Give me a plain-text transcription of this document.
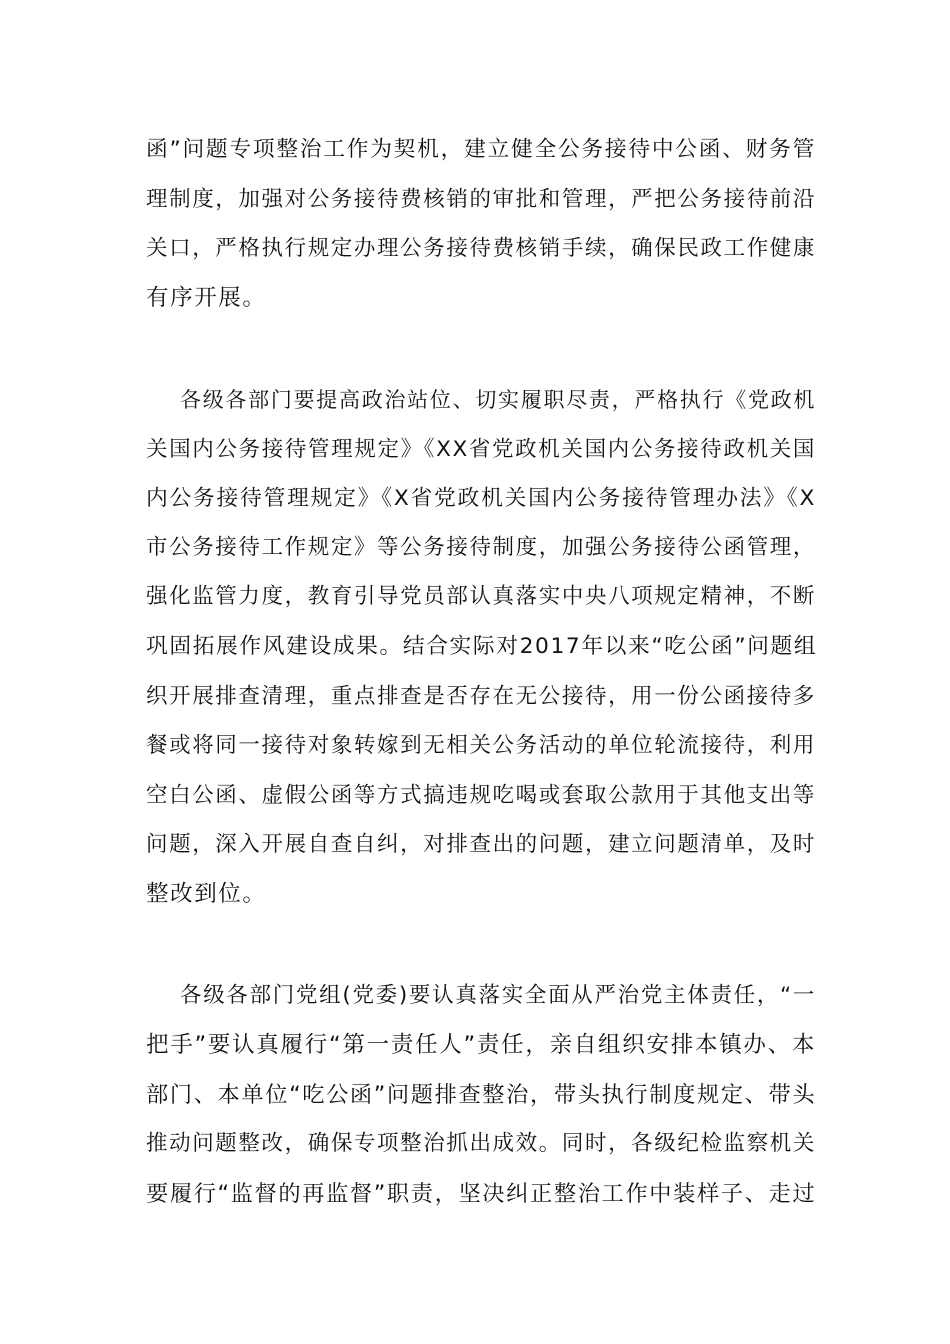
函”问题专项整治工作为契机，建立健全公务接待中公函、财务管
理制度，加强对公务接待费核销的审批和管理，严把公务接待前沿
关口，严格执行规定办理公务接待费核销手续，确保民政工作健康
有序开展。
各级各部门要提高政治站位、切实履职尽责，严格执行《党政机
关国内公务接待管理规定》《XX省党政机关国内公务接待政机关国
内公务接待管理规定》《X省党政机关国内公务接待管理办法》《X
市公务接待工作规定》等公务接待制度，加强公务接待公函管理，
强化监管力度，教育引导党员部认真落实中央八项规定精神，不断
巩固拓展作风建设成果。结合实际对2017年以来“吃公函”问题组
织开展排查清理，重点排查是否存在无公接待，用一份公函接待多
餐或将同一接待对象转嫁到无相关公务活动的单位轮流接待，利用
空白公函、虚假公函等方式搞违规吃喝或套取公款用于其他支出等
问题，深入开展自查自纠，对排查出的问题，建立问题清单，及时
整改到位。
各级各部门党组(党委)要认真落实全面从严治党主体责任，“一
把手”要认真履行“第一责任人”责任，亲自组织安排本镇办、本
部门、本单位“吃公函”问题排查整治，带头执行制度规定、带头
推动问题整改，确保专项整治抓出成效。同时，各级纪检监察机关
要履行“监督的再监督”职责，坚决纠正整治工作中装样子、走过
